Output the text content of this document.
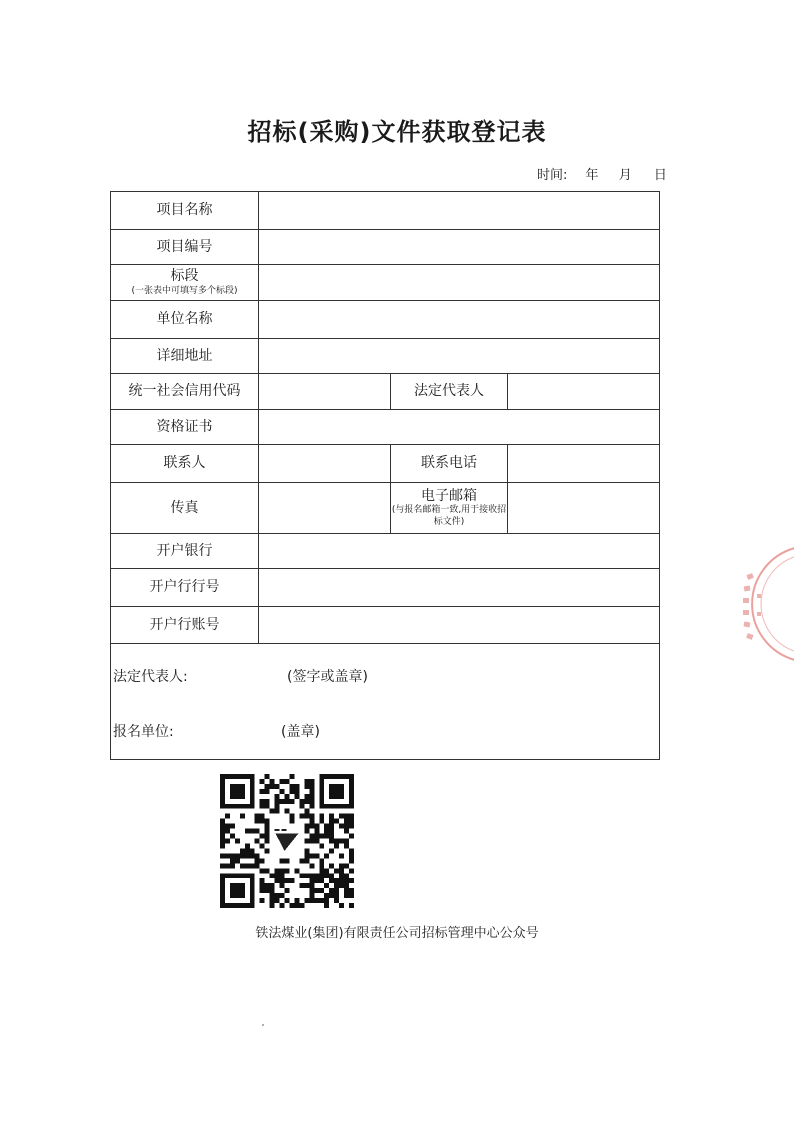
招标(采购)文件获取登记表
时间: 年 月 日
项目名称			
项目编号			
标段
(一张表中可填写多个标段)			

单位名称			
详细地址			
统一社会信用代码		法定代表人	
资格证书			
联系人		联系电话	
传真		电子邮箱
(与报名邮箱一致,用于接收招标文件)	

开户银行			
开户行行号			
开户行账号			

法定代表人: (签字或盖章)
报名单位: (盖章)			
铁法煤业(集团)有限责任公司招标管理中心公众号
